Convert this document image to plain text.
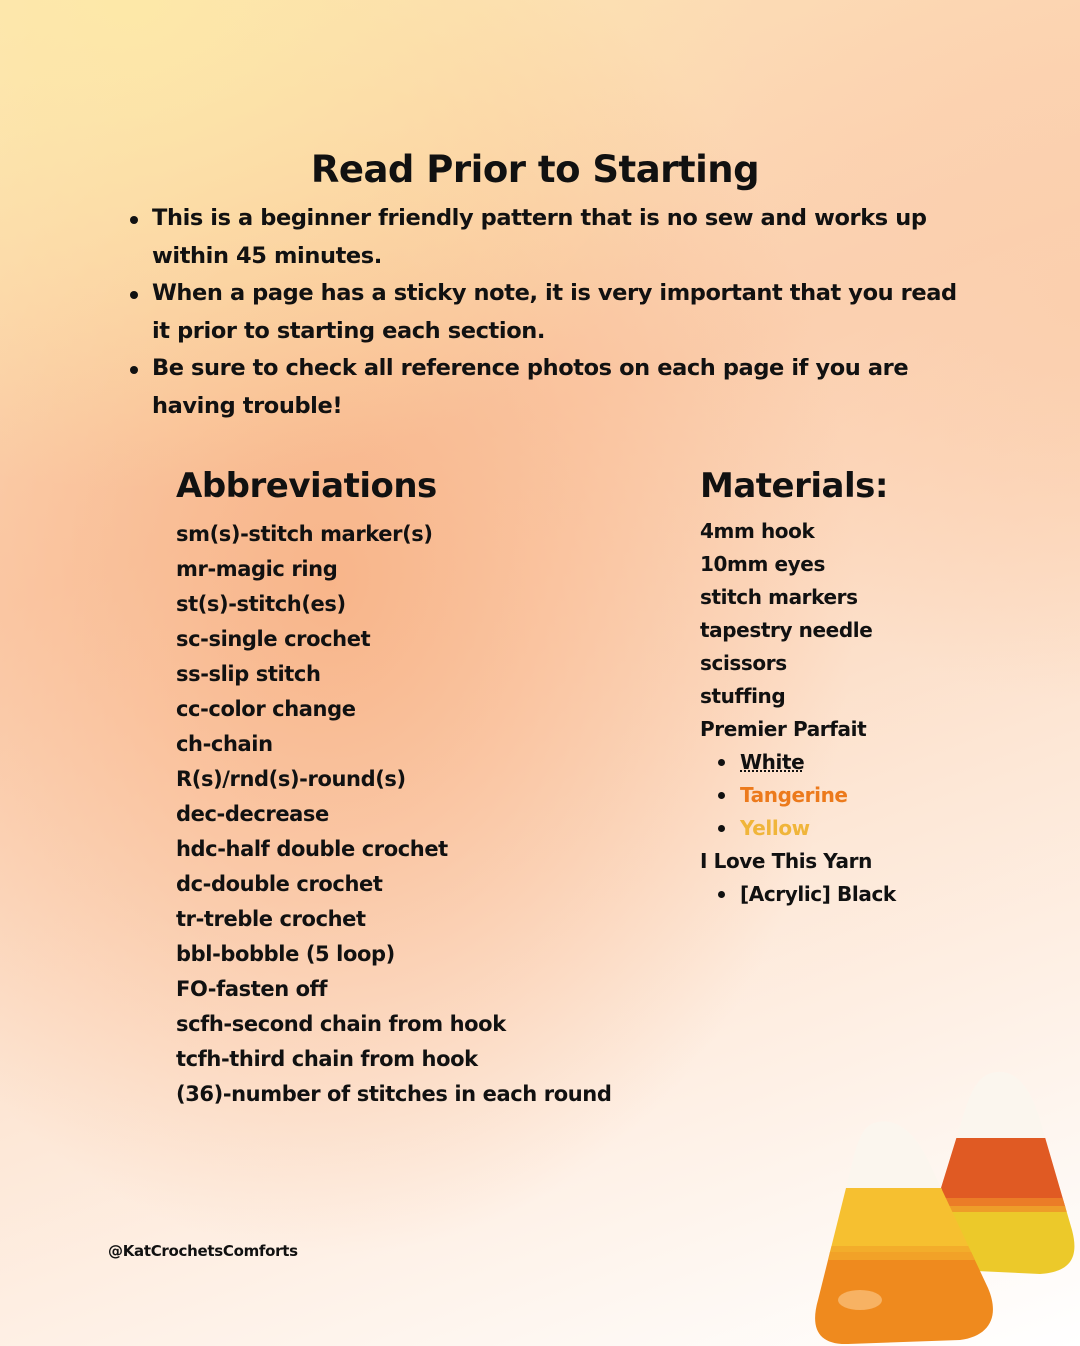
Read Prior to Starting
This is a beginner friendly pattern that is no sew and works up within 45 minutes.
When a page has a sticky note, it is very important that you read it prior to starting each section.
Be sure to check all reference photos on each page if you are having trouble!
Abbreviations
sm(s)-stitch marker(s)
mr-magic ring
st(s)-stitch(es)
sc-single crochet
ss-slip stitch
cc-color change
ch-chain
R(s)/rnd(s)-round(s)
dec-decrease
hdc-half double crochet
dc-double crochet
tr-treble crochet
bbl-bobble (5 loop)
FO-fasten off
scfh-second chain from hook
tcfh-third chain from hook
(36)-number of stitches in each round
Materials:
4mm hook
10mm eyes
stitch markers
tapestry needle
scissors
stuffing
Premier Parfait
White
Tangerine
Yellow
I Love This Yarn
[Acrylic] Black
@KatCrochetsComforts
